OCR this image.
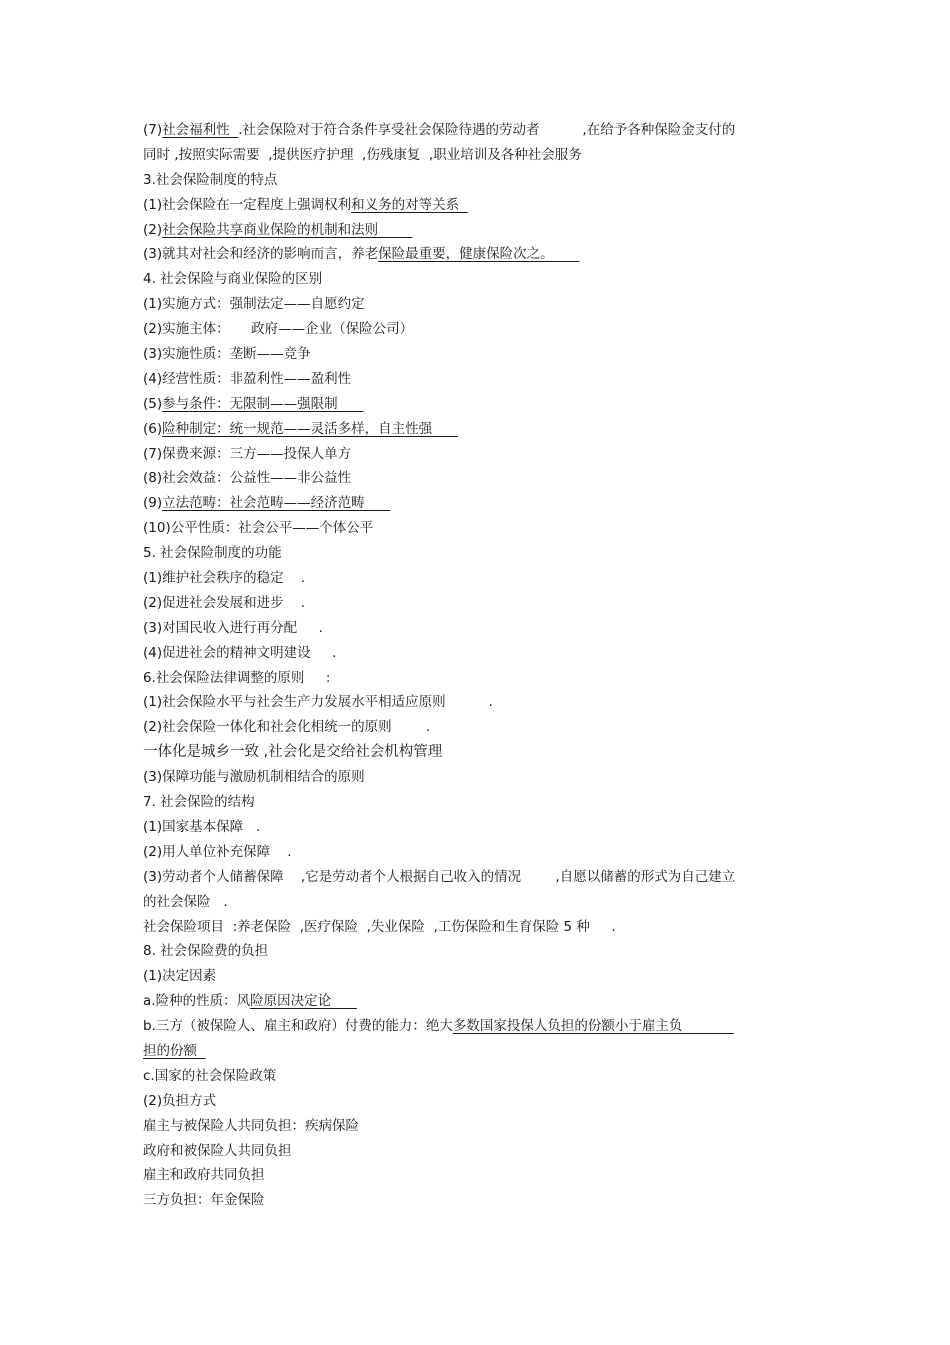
(7)社会福利性  .社会保险对于符合条件享受社会保险待遇的劳动者          ,在给予各种保险金支付的
同时 ,按照实际需要  ,提供医疗护理  ,伤残康复  ,职业培训及各种社会服务
3.社会保险制度的特点
(1)社会保险在一定程度上强调权利和义务的对等关系
(2)社会保险共享商业保险的机制和法则
(3)就其对社会和经济的影响而言，养老保险最重要，健康保险次之。
4. 社会保险与商业保险的区别
(1)实施方式：强制法定——自愿约定
(2)实施主体：     政府——企业（保险公司）
(3)实施性质：垄断——竞争
(4)经营性质：非盈利性——盈利性
(5)参与条件：无限制——强限制
(6)险种制定：统一规范——灵活多样，自主性强
(7)保费来源：三方——投保人单方
(8)社会效益：公益性——非公益性
(9)立法范畴：社会范畴——经济范畴
(10)公平性质：社会公平——个体公平
5. 社会保险制度的功能
(1)维护社会秩序的稳定    .
(2)促进社会发展和进步    .
(3)对国民收入进行再分配     .
(4)促进社会的精神文明建设     .
6.社会保险法律调整的原则     :
(1)社会保险水平与社会生产力发展水平相适应原则          .
(2)社会保险一体化和社会化相统一的原则        .
一体化是城乡一致 ,社会化是交给社会机构管理
(3)保障功能与激励机制相结合的原则
7. 社会保险的结构
(1)国家基本保障   .
(2)用人单位补充保障    .
(3)劳动者个人储蓄保障    ,它是劳动者个人根据自己收入的情况        ,自愿以储蓄的形式为自己建立
的社会保险   .
社会保险项目  :养老保险  ,医疗保险  ,失业保险  ,工伤保险和生育保险 5 种     .
8. 社会保险费的负担
(1)决定因素
a.险种的性质：风险原因决定论
b.三方（被保险人、雇主和政府）付费的能力：绝大多数国家投保人负担的份额小于雇主负
担的份额
c.国家的社会保险政策
(2)负担方式
雇主与被保险人共同负担：疾病保险
政府和被保险人共同负担
雇主和政府共同负担
三方负担：年金保险
